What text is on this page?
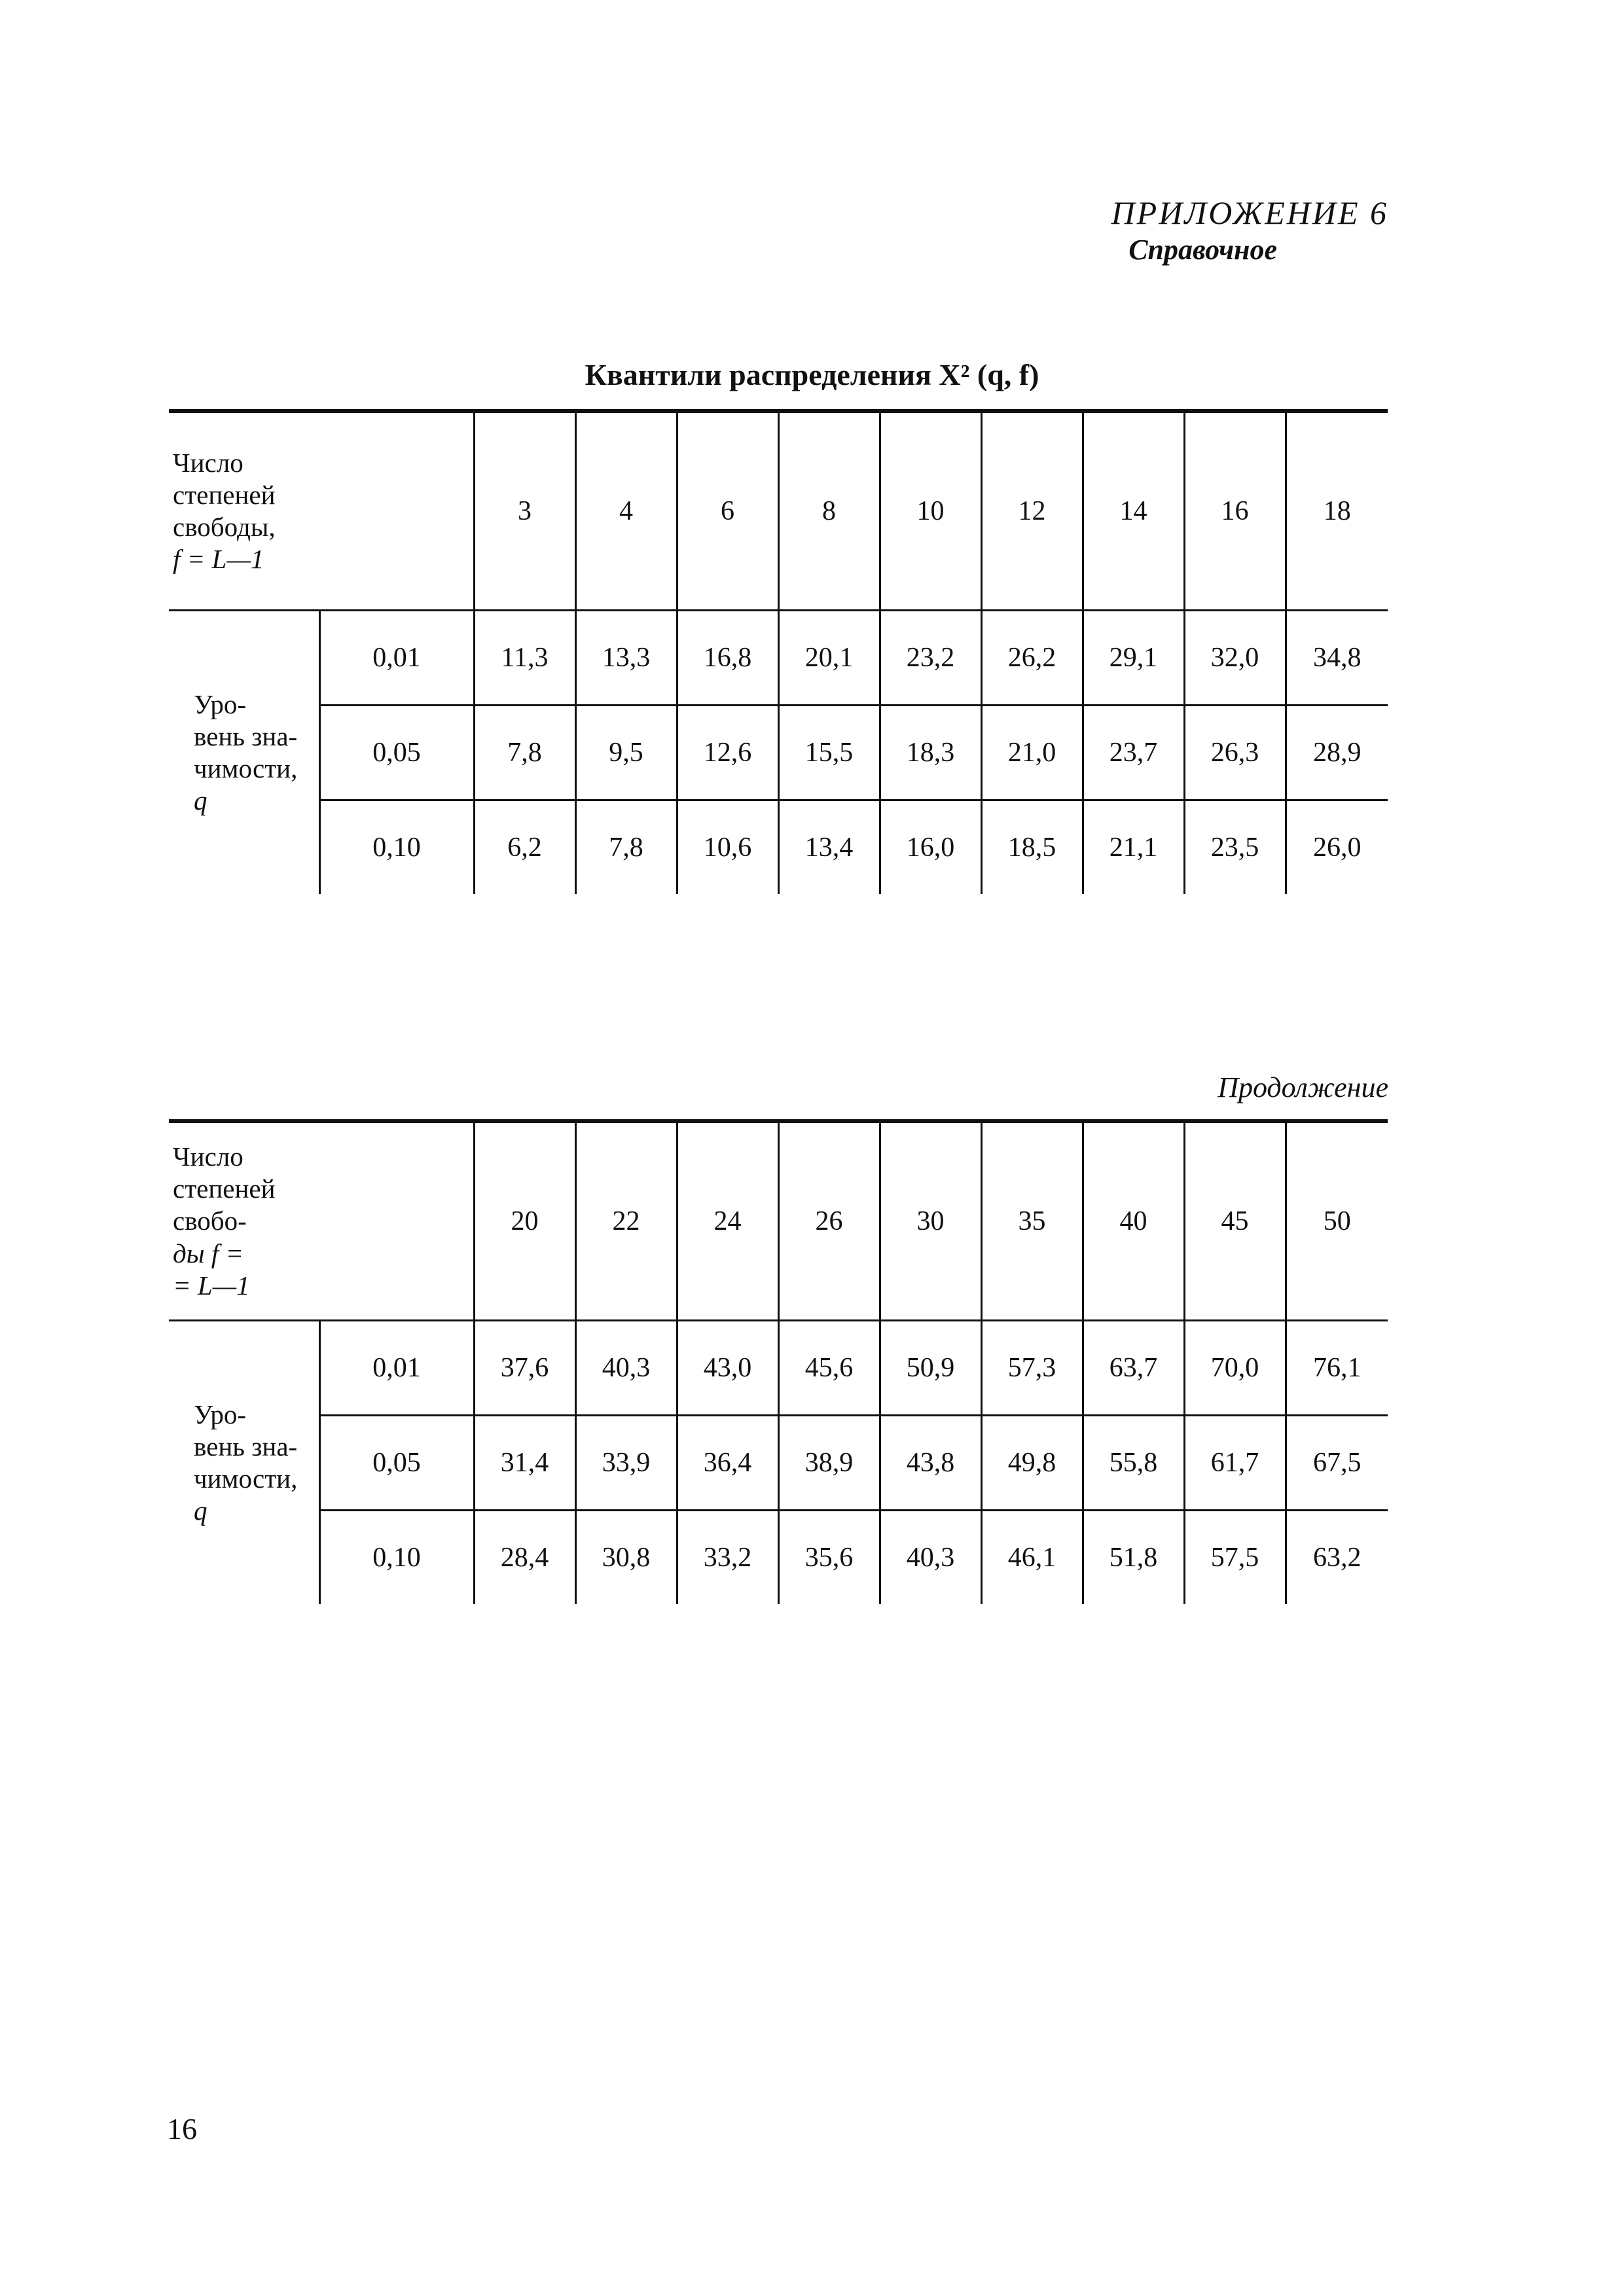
ПРИЛОЖЕНИЕ 6
Справочное
Квантили распределения X² (q, f)
Число
степеней
свободы,
f = L—1		3	4	6	8	10	12	14	16	18
Уро-
вень зна-
чимости,
q	0,01	11,3	13,3	16,8	20,1	23,2	26,2	29,1	32,0	34,8
	0,05	7,8	9,5	12,6	15,5	18,3	21,0	23,7	26,3	28,9
	0,10	6,2	7,8	10,6	13,4	16,0	18,5	21,1	23,5	26,0
Продолжение
Число
степеней
свобо-
ды f =
= L—1		20	22	24	26	30	35	40	45	50
Уро-
вень зна-
чимости,
q	0,01	37,6	40,3	43,0	45,6	50,9	57,3	63,7	70,0	76,1
	0,05	31,4	33,9	36,4	38,9	43,8	49,8	55,8	61,7	67,5
	0,10	28,4	30,8	33,2	35,6	40,3	46,1	51,8	57,5	63,2
16
